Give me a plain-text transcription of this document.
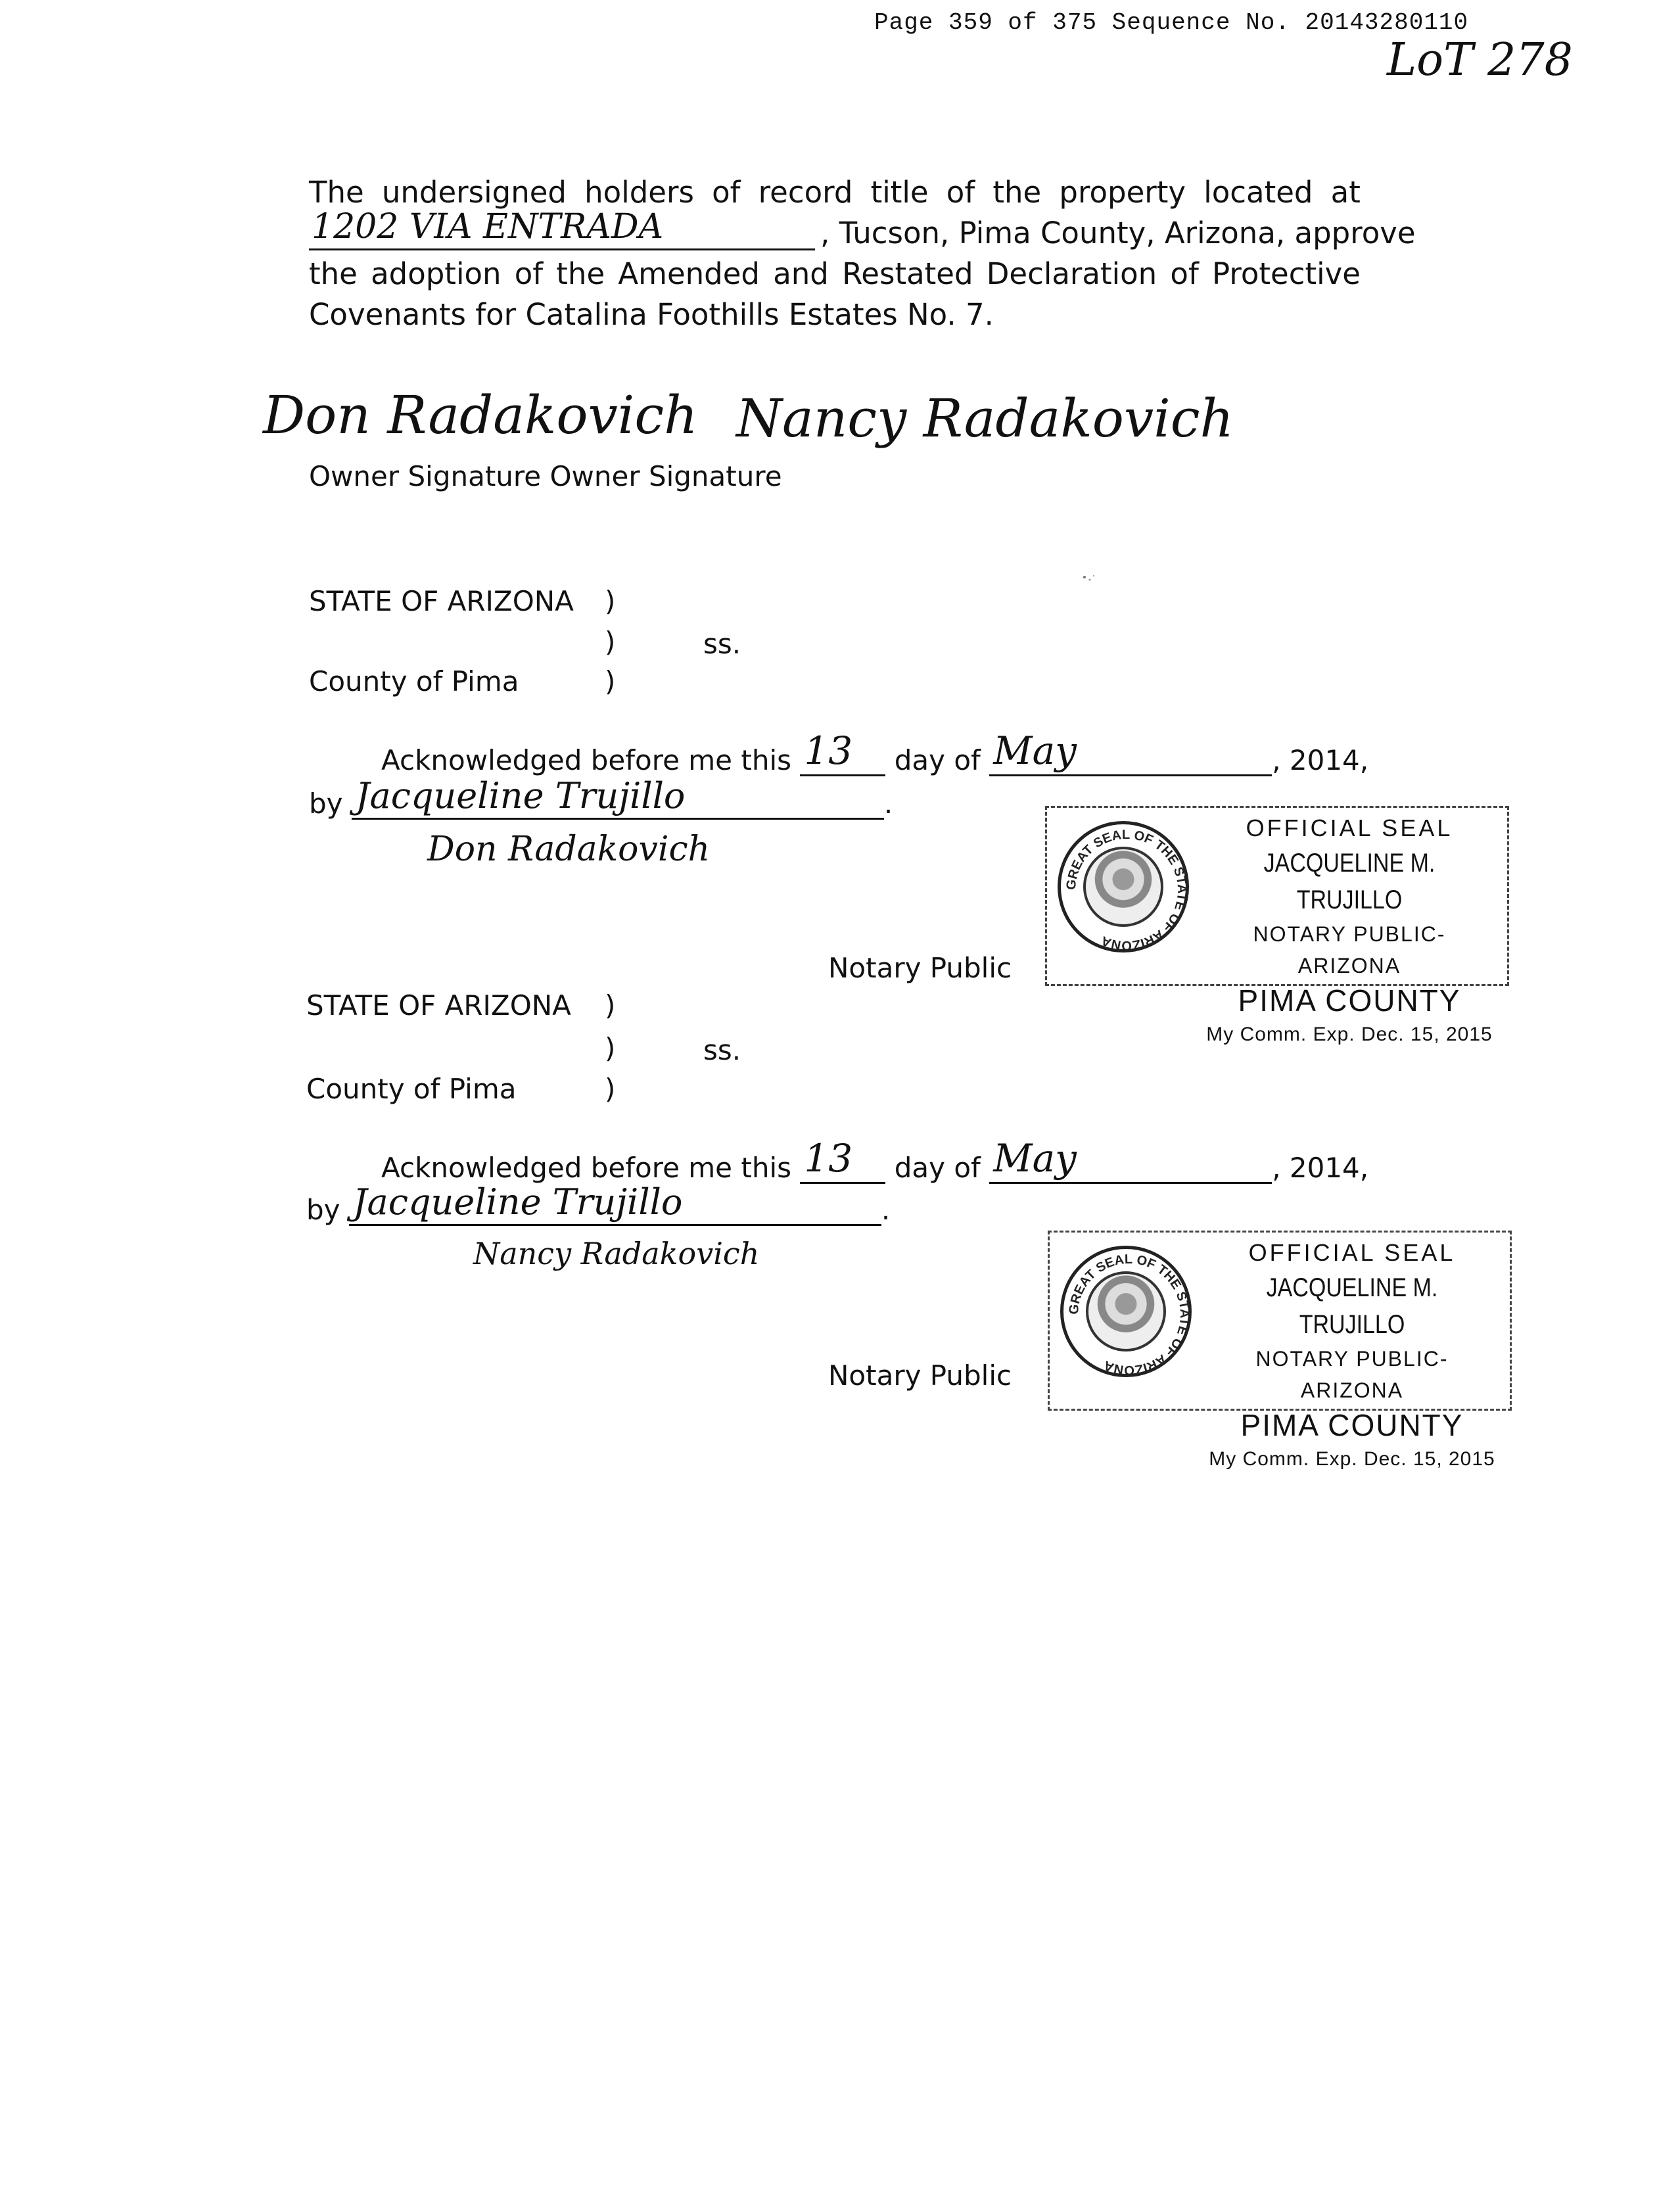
Page 359 of 375 Sequence No. 20143280110
LoT 278
The undersigned holders of record title of the property located at
1202 VIA ENTRADA	, Tucson, Pima County, Arizona, approve
the adoption of the Amended and Restated Declaration of Protective
Covenants for Catalina Foothills Estates No. 7.
Don Radakovich Nancy Radakovich
Owner Signature Owner Signature
STATE OF ARIZONA )
)	ss.
County of Pima	)
Acknowledged before me this 13 day of May	, 2014,
by Jacqueline Trujillo	.
Don Radakovich
Notary Public
GREAT SEAL OF THE STATE OF ARIZONA
OFFICIAL SEAL
JACQUELINE M. TRUJILLO
NOTARY PUBLIC-ARIZONA
PIMA COUNTY
My Comm. Exp. Dec. 15, 2015
STATE OF ARIZONA )
)	ss.
County of Pima	)
Acknowledged before me this 13 day of May	, 2014,
by Jacqueline Trujillo	.
Nancy Radakovich
Notary Public
GREAT SEAL OF THE STATE OF ARIZONA
OFFICIAL SEAL
JACQUELINE M. TRUJILLO
NOTARY PUBLIC-ARIZONA
PIMA COUNTY
My Comm. Exp. Dec. 15, 2015
